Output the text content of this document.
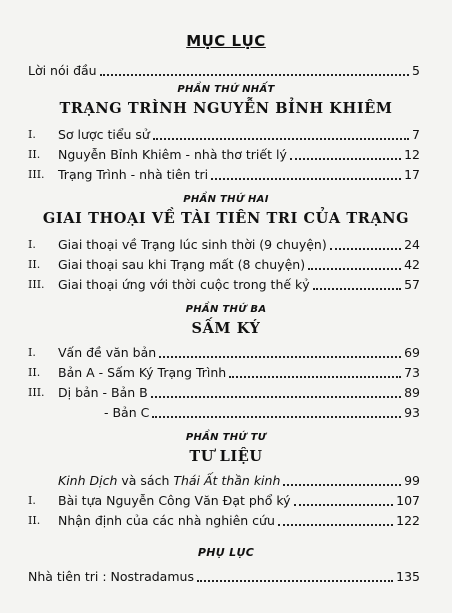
MỤC LỤC
Lời nói đầu	5
PHẦN THỨ NHẤT
TRẠNG TRÌNH NGUYỄN BỈNH KHIÊM
I.	Sơ lược tiểu sử	7
II.	Nguyễn Bỉnh Khiêm - nhà thơ triết lý	12
III.	Trạng Trình - nhà tiên tri	17
PHẦN THỨ HAI
GIAI THOẠI VỀ TÀI TIÊN TRI CỦA TRẠNG
I.	Giai thoại về Trạng lúc sinh thời (9 chuyện)	24
II.	Giai thoại sau khi Trạng mất (8 chuyện)	42
III.	Giai thoại ứng với thời cuộc trong thế kỷ	57
PHẦN THỨ BA
SẤM KÝ
I.	Vấn đề văn bản	69
II.	Bản A - Sấm Ký Trạng Trình	73
III.	Dị bản - Bản B	89
- Bản C	93
PHẦN THỨ TƯ
TƯ LIỆU
Kinh Dịch và sách Thái Ất thần kinh	99
I.	Bài tựa Nguyễn Công Văn Đạt phổ ký	107
II.	Nhận định của các nhà nghiên cứu	122
PHỤ LỤC
Nhà tiên tri : Nostradamus	135
